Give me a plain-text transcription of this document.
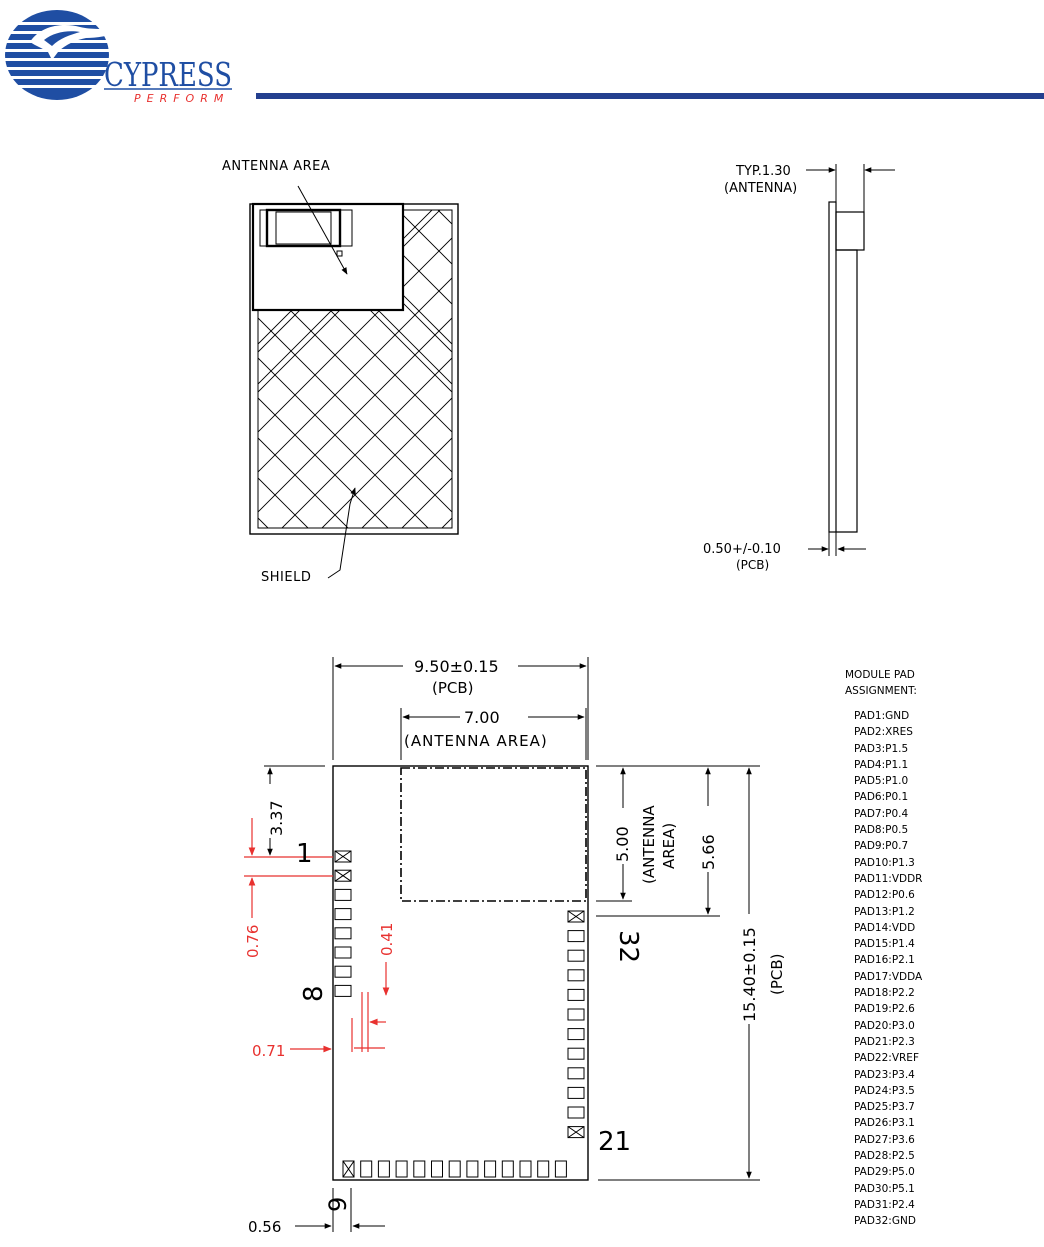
CYPRESS
PERFORM
ANTENNA AREA
SHIELD
TYP.1.30
(ANTENNA)
0.50+/-0.10
(PCB)
9.50±0.15
(PCB)
7.00
(ANTENNA AREA)
3.37
5.00 (ANTENNA AREA) 5.66
15.40±0.15 (PCB)
0.76	0.41
0.71
0.56
1
8
9
21
32
MODULE PAD
ASSIGNMENT:
PAD1:GND
PAD2:XRES
PAD3:P1.5
PAD4:P1.1
PAD5:P1.0
PAD6:P0.1
PAD7:P0.4
PAD8:P0.5
PAD9:P0.7
PAD10:P1.3
PAD11:VDDR
PAD12:P0.6
PAD13:P1.2
PAD14:VDD
PAD15:P1.4
PAD16:P2.1
PAD17:VDDA
PAD18:P2.2
PAD19:P2.6
PAD20:P3.0
PAD21:P2.3
PAD22:VREF
PAD23:P3.4
PAD24:P3.5
PAD25:P3.7
PAD26:P3.1
PAD27:P3.6
PAD28:P2.5
PAD29:P5.0
PAD30:P5.1
PAD31:P2.4
PAD32:GND
